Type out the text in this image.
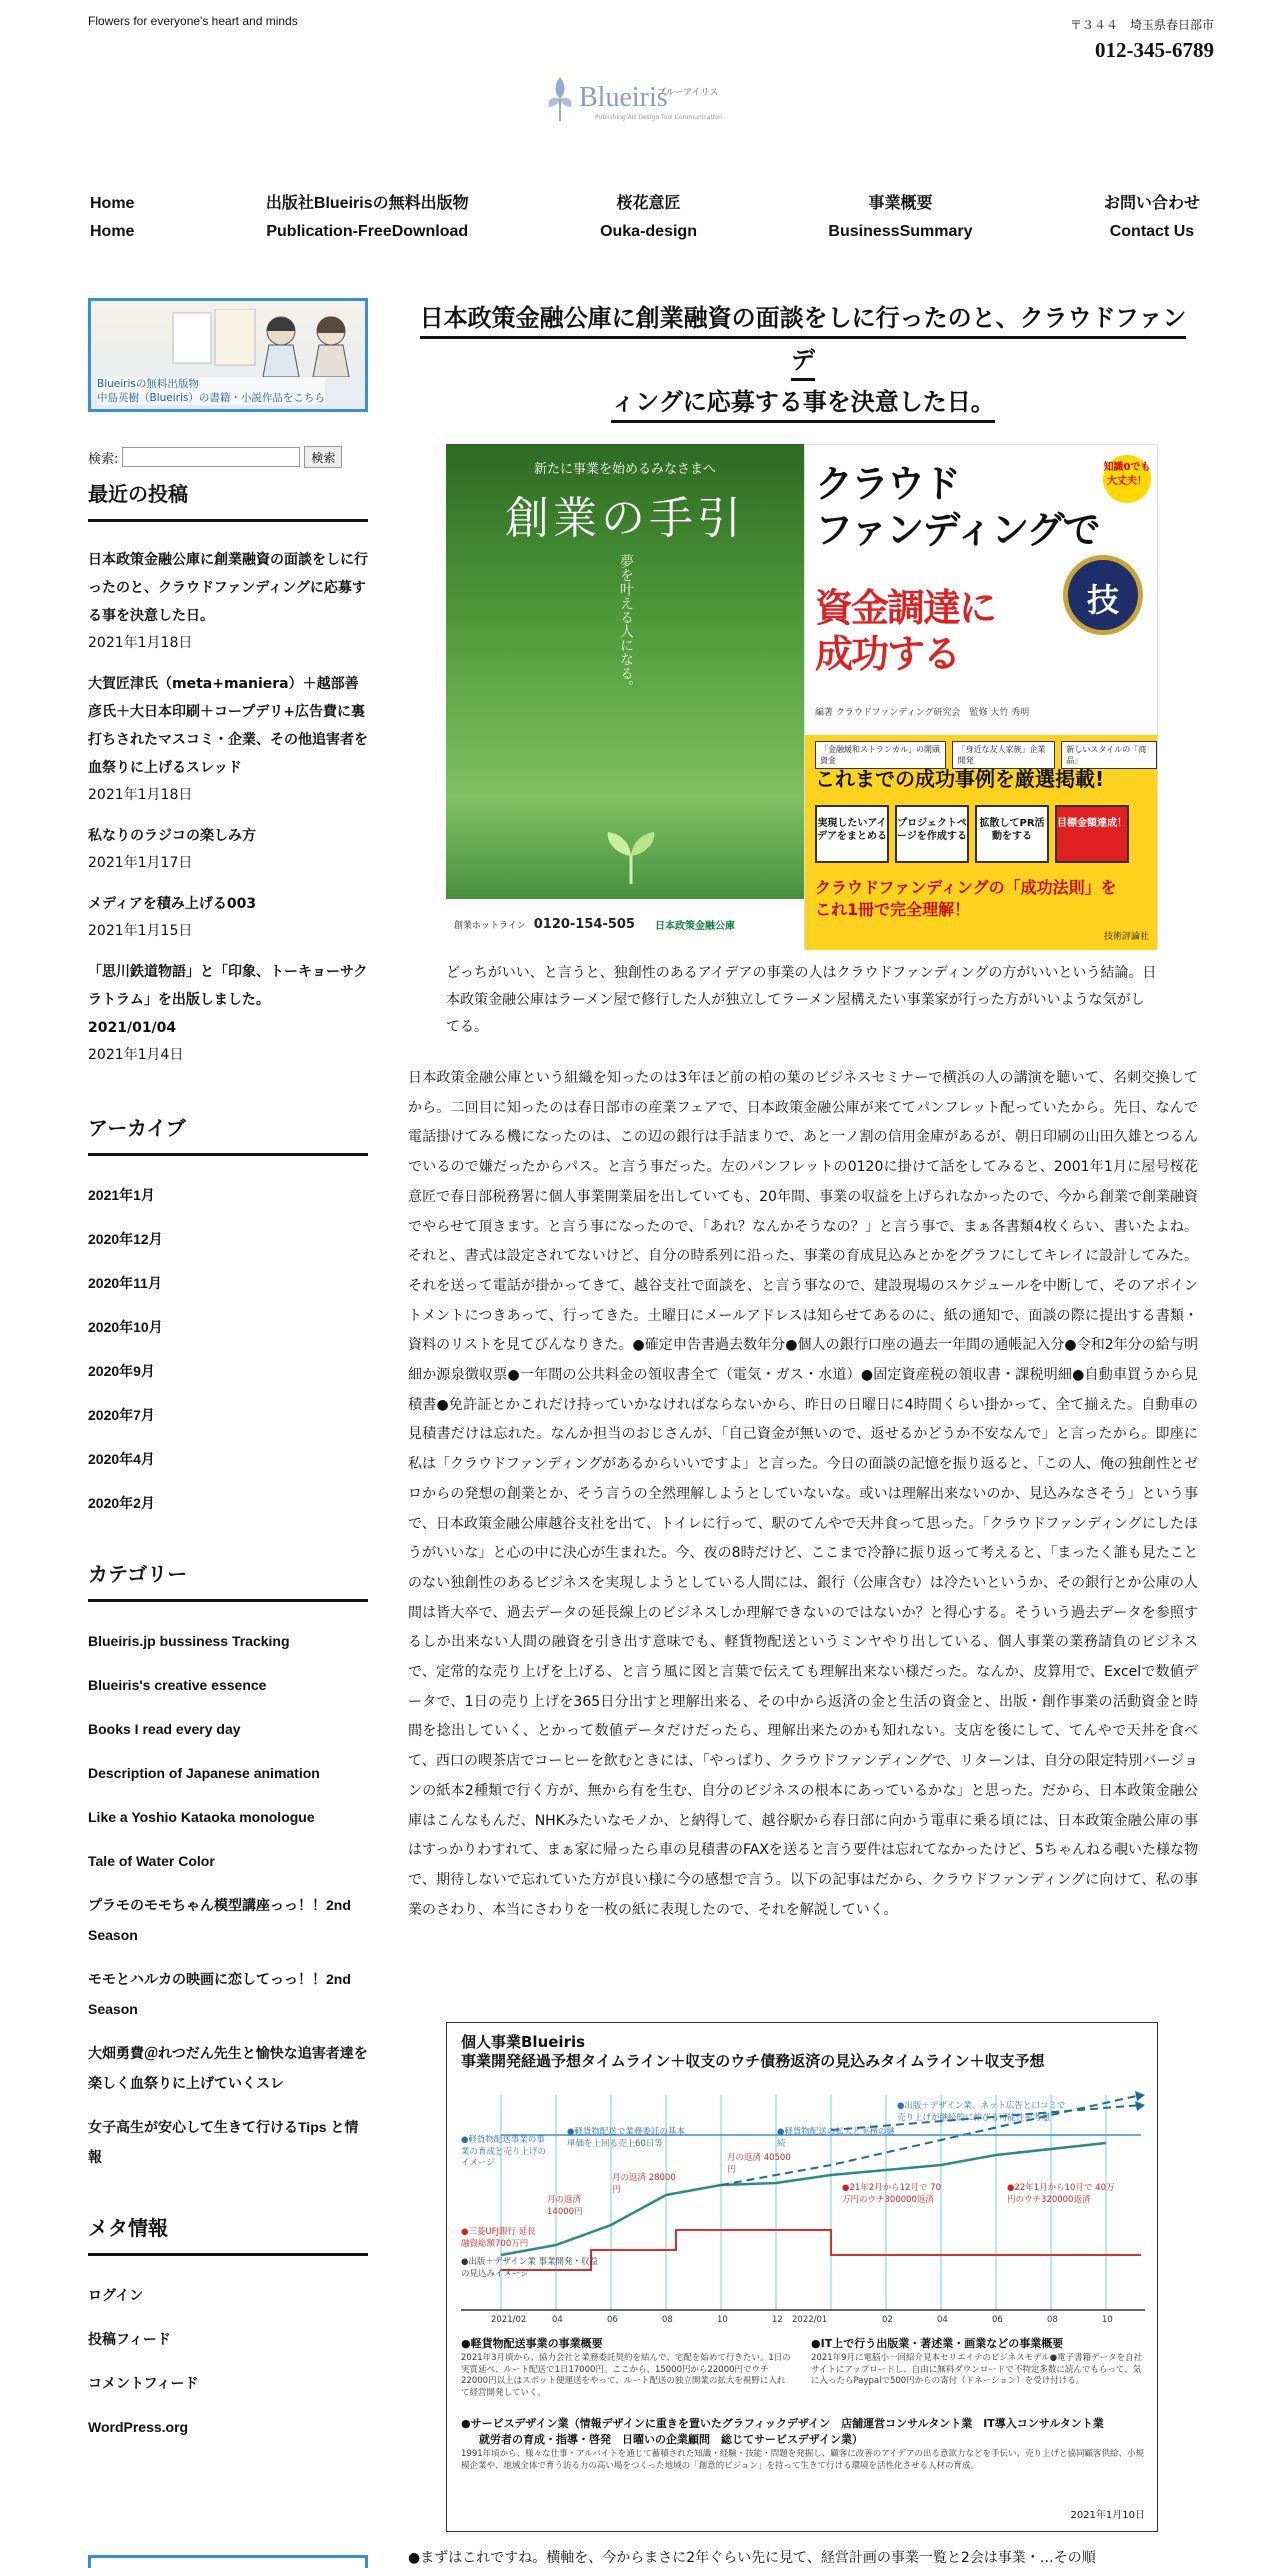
Flowers for everyone's heart and minds	〒３４４　埼玉県春日部市
012-345-6789
Blueiris
ブルーアイリス
Publishing Art Design Tool Communication
Home
Home
出版社Blueirisの無料出版物
Publication-FreeDownload
桜花意匠
Ouka-design
事業概要
BusinessSummary
お問い合わせ
Contact Us
Blueirisの無料出版物
中島英樹（Blueiris）の書籍・小説作品をこちら
検索:	検索
最近の投稿
日本政策金融公庫に創業融資の面談をしに行ったのと、クラウドファンディングに応募する事を決意した日。
2021年1月18日
大賀匠津氏（meta+maniera）＋越部善彦氏＋大日本印刷＋コープデリ+広告費に裏打ちされたマスコミ・企業、その他追害者を血祭りに上げるスレッド
2021年1月18日
私なりのラジコの楽しみ方
2021年1月17日
メディアを積み上げる003
2021年1月15日
「思川鉄道物語」と「印象、トーキョーサクラトラム」を出版しました。
2021/01/04
2021年1月4日
アーカイブ
2021年1月
2020年12月
2020年11月
2020年10月
2020年9月
2020年7月
2020年4月
2020年2月
カテゴリー
Blueiris.jp bussiness Tracking
Blueiris's creative essence
Books I read every day
Description of Japanese animation
Like a Yoshio Kataoka monologue
Tale of Water Color
プラモのモモちゃん模型講座っっ！！2nd　Season
モモとハルカの映画に恋してっっ！！2nd Season
大畑勇費＠れつだん先生と愉快な追害者達を楽しく血祭りに上げていくスレ
女子高生が安心して生きて行けるTips と情報
メタ情報
ログイン
投稿フィード
コメントフィード
WordPress.org
日本政策金融公庫に創業融資の面談をしに行ったのと、クラウドファンデ
ィングに応募する事を決意した日。
新たに事業を始めるみなさまへ
創業の手引
夢を叶える人になる。
創業ホットライン 0120-154-505 日本政策金融公庫
クラウド
ファンディングで
資金調達に
成功する
知識0でも 大丈夫！
技
編著 クラウドファンディング研究会　監修 大竹 秀明
「金融緩和ストランカル」の開頭資金
「身近な友人家族」企業開発
新しいスタイルの「商品」
これまでの成功事例を厳選掲載!
実現したいアイデアをまとめる
プロジェクトページを作成する
拡散してPR活動をする
目標金額達成！
クラウドファンディングの「成功法則」を
これ1冊で完全理解！
技術評論社
どっちがいい、と言うと、独創性のあるアイデアの事業の人はクラウドファンディングの方がいいという結論。日本政策金融公庫はラーメン屋で修行した人が独立してラーメン屋構えたい事業家が行った方がいいような気がしてる。
日本政策金融公庫という組織を知ったのは3年ほど前の柏の葉のビジネスセミナーで横浜の人の講演を聴いて、名刺交換してから。二回目に知ったのは春日部市の産業フェアで、日本政策金融公庫が来ててパンフレット配っていたから。先日、なんで電話掛けてみる機になったのは、この辺の銀行は手詰まりで、あと一ノ割の信用金庫があるが、朝日印刷の山田久雄とつるんでいるので嫌だったからパス。と言う事だった。左のパンフレットの0120に掛けて話をしてみると、2001年1月に屋号桜花意匠で春日部税務署に個人事業開業届を出していても、20年間、事業の収益を上げられなかったので、今から創業で創業融資でやらせて頂きます。と言う事になったので、「あれ？なんかそうなの？」と言う事で、まぁ各書類4枚くらい、書いたよね。それと、書式は設定されてないけど、自分の時系列に沿った、事業の育成見込みとかをグラフにしてキレイに設計してみた。それを送って電話が掛かってきて、越谷支社で面談を、と言う事なので、建設現場のスケジュールを中断して、そのアポイントメントにつきあって、行ってきた。土曜日にメールアドレスは知らせてあるのに、紙の通知で、面談の際に提出する書類・資料のリストを見てびんなりきた。●確定申告書過去数年分●個人の銀行口座の過去一年間の通帳記入分●令和2年分の給与明細か源泉徴収票●一年間の公共料金の領収書全て（電気・ガス・水道）●固定資産税の領収書・課税明細●自動車買うから見積書●免許証とかこれだけ持っていかなければならないから、昨日の日曜日に4時間くらい掛かって、全て揃えた。自動車の見積書だけは忘れた。なんか担当のおじさんが、「自己資金が無いので、返せるかどうか不安なんで」と言ったから。即座に私は「クラウドファンディングがあるからいいですよ」と言った。今日の面談の記憶を振り返ると、「この人、俺の独創性とゼロからの発想の創業とか、そう言うの全然理解しようとしていないな。或いは理解出来ないのか、見込みなさそう」という事で、日本政策金融公庫越谷支社を出て、トイレに行って、駅のてんやで天丼食って思った。「クラウドファンディングにしたほうがいいな」と心の中に決心が生まれた。今、夜の8時だけど、ここまで冷静に振り返って考えると、「まったく誰も見たことのない独創性のあるビジネスを実現しようとしている人間には、銀行（公庫含む）は冷たいというか、その銀行とか公庫の人間は皆大卒で、過去データの延長線上のビジネスしか理解できないのではないか？と得心する。そういう過去データを参照するしか出来ない人間の融資を引き出す意味でも、軽貨物配送というミンヤやり出している、個人事業の業務請負のビジネスで、定常的な売り上げを上げる、と言う風に図と言葉で伝えても理解出来ない様だった。なんか、皮算用で、Excelで数値データで、1日の売り上げを365日分出すと理解出来る、その中から返済の金と生活の資金と、出版・創作事業の活動資金と時間を捻出していく、とかって数値データだけだったら、理解出来たのかも知れない。支店を後にして、てんやで天丼を食べて、西口の喫茶店でコーヒーを飲むときには、「やっぱり、クラウドファンディングで、リターンは、自分の限定特別バージョンの紙本2種類で行く方が、無から有を生む、自分のビジネスの根本にあっているかな」と思った。だから、日本政策金融公庫はこんなもんだ、NHKみたいなモノか、と納得して、越谷駅から春日部に向かう電車に乗る頃には、日本政策金融公庫の事はすっかりわすれて、まぁ家に帰ったら車の見積書のFAXを送ると言う要件は忘れてなかったけど、5ちゃんねる覗いた様な物で、期待しないで忘れていた方が良い様に今の感想で言う。以下の記事はだから、クラウドファンディングに向けて、私の事業のさわり、本当にさわりを一枚の紙に表現したので、それを解説していく。
個人事業Blueiris
事業開発経過予想タイムライン＋収支のウチ債務返済の見込みタイムライン＋収支予想
●軽貨物配送事業の事業の育成と売り上げのイメージ
●軽貨物配送で業務委託の基本単価を上回る売上60日等
●軽貨物配送の拡大と実務の継続
●出版＋デザイン業、ネット広告と口コミで売り上げが継続的に伸びる可能性を考慮
●三菱UFJ銀行 延長融資総額700万円
●出版＋デザイン業 事業開発・収益の見込みイメージ
月の返済 14000円
月の返済 28000円
月の返済 40500円
●21年2月から12月で 70万円のウチ300000返済
●22年1月から10月で 40万円のウチ320000返済
2021/02	04	06	08	10	12 2022/01	02	04	06	08	10
●軽貨物配送事業の事業概要
2021年3月頃から、協力会社と業務委託契約を結んで、宅配を始めて行きたい。1日の実質延べ、ルート配送で1日17000円。ここから、15000円から22000円でウチ22000円以上はスポット便運送をやって、ルート配送の独立開業の拡大を視野に入れて経営開発していく。
●IT上で行う出版業・著述業・画業などの事業概要
2021年9月に電脳小一回紹介見本セリエイテのビジネスモデル●電子書籍データを自社サイトにアップロードし、自由に無料ダウンロードで不特定多数に読んでもらって、気に入ったらPaypalで500円からの寄付（ドネーション）を受け付ける。
●サービスデザイン業（情報デザインに重きを置いたグラフィックデザイン　店舗運営コンサルタント業　IT導入コンサルタント業
就労者の育成・指導・啓発　日曜いの企業顧問　総じてサービスデザイン業）
1991年頃から、様々な仕事・アルバイトを通じて蓄積された知識・経験・技能・問題を発掘し、顧客に改善のアイデアの出る意欲力などを手伝い、売り上げと協同顧客供給、小規模企業や、地域全体で育う訪る力の高い場をつくった地域の「創意的ビジョン」を持って生きて行ける環境を活性化させる人材の育成。
2021年1月10日
●まずはこれですね。横軸を、今からまさに2年ぐらい先に見て、経営計画の事業一覧と2会は事業・…その順
